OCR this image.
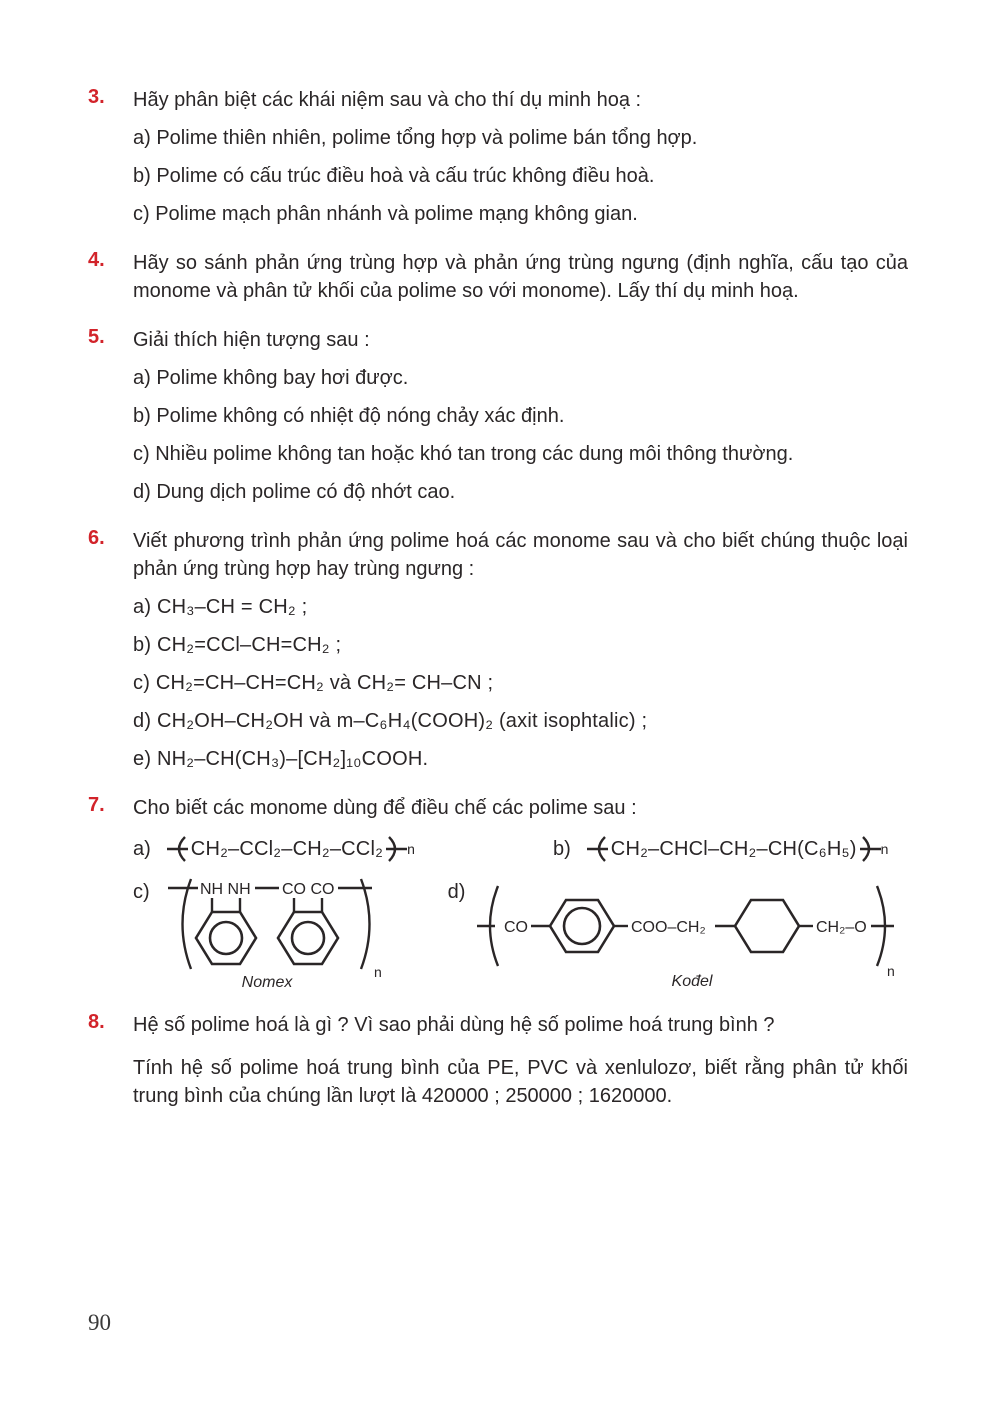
3.	Hãy phân biệt các khái niệm sau và cho thí dụ minh hoạ :

a) Polime thiên nhiên, polime tổng hợp và polime bán tổng hợp.

b) Polime có cấu trúc điều hoà và cấu trúc không điều hoà.

c) Polime mạch phân nhánh và polime mạng không gian.

4.	Hãy so sánh phản ứng trùng hợp và phản ứng trùng ngưng (định nghĩa, cấu tạo của monome và phân tử khối của polime so với monome). Lấy thí dụ minh hoạ.

5.	Giải thích hiện tượng sau :

a) Polime không bay hơi được.

b) Polime không có nhiệt độ nóng chảy xác định.

c) Nhiều polime không tan hoặc khó tan trong các dung môi thông thường.

d) Dung dịch polime có độ nhớt cao.

6.	Viết phương trình phản ứng polime hoá các monome sau và cho biết chúng thuộc loại phản ứng trùng hợp hay trùng ngưng :

a) CH₃–CH = CH₂ ;

b) CH₂=CCl–CH=CH₂ ;

c) CH₂=CH–CH=CH₂ và CH₂= CH–CN ;

d) CH₂OH–CH₂OH và m–C₆H₄(COOH)₂ (axit isophtalic) ;

e) NH₂–CH(CH₃)–[CH₂]₁₀COOH.

7.	Cho biết các monome dùng để điều chế các polime sau :

a) CH₂–CCl₂–CH₂–CCl₂ n	b) CH₂–CHCl–CH₂–CH(C₆H₅) n
c)	NH NH CO CO
n
Nomex
d)
CO	COO–CH₂	CH₂–O
n
Kođel
8.	Hệ số polime hoá là gì ? Vì sao phải dùng hệ số polime hoá trung bình ?

Tính hệ số polime hoá trung bình của PE, PVC và xenlulozơ, biết rằng phân tử khối trung bình của chúng lần lượt là 420000 ; 250000 ; 1620000.

90
